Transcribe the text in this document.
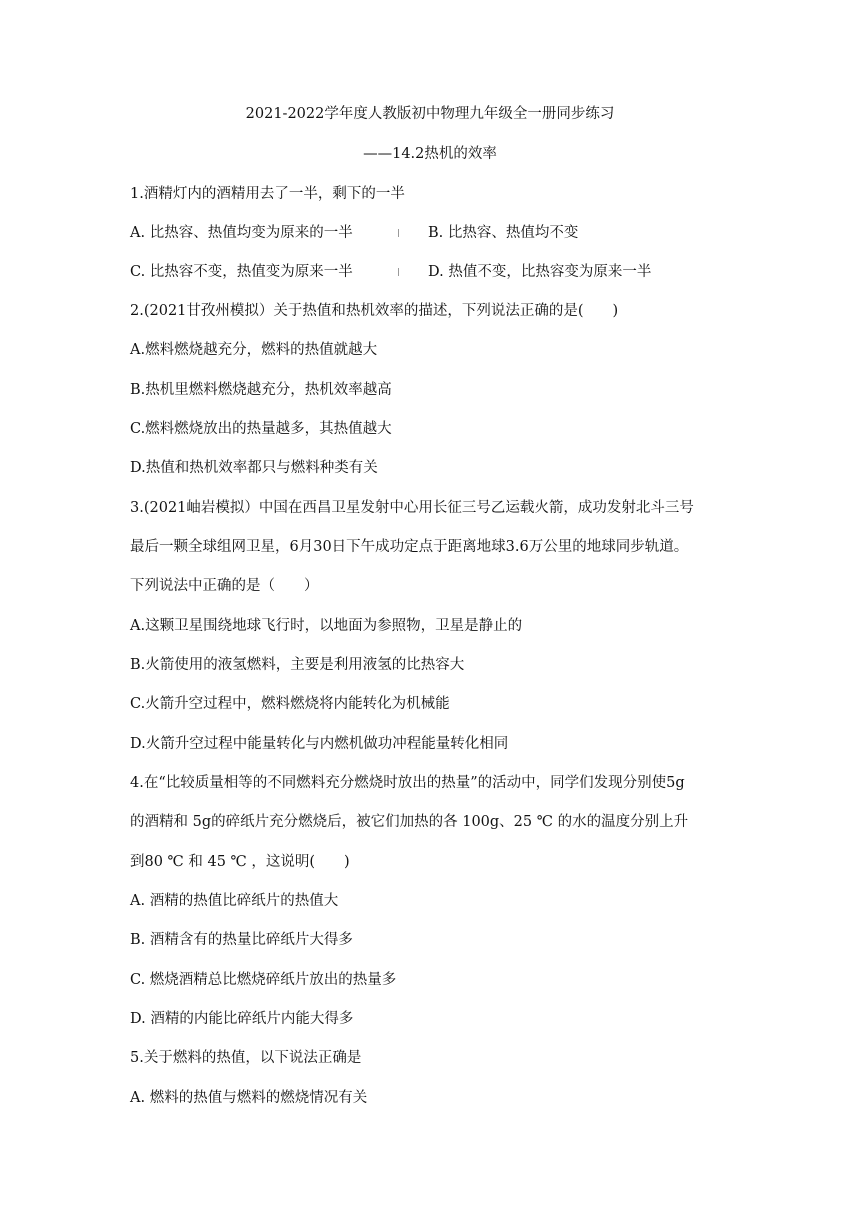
2021-2022学年度人教版初中物理九年级全一册同步练习
——14.2热机的效率
1.酒精灯内的酒精用去了一半，剩下的一半
A. 比热容、热值均变为原来的一半	B. 比热容、热值均不变
C. 比热容不变，热值变为原来一半	D. 热值不变，比热容变为原来一半
2.(2021甘孜州模拟）关于热值和热机效率的描述，下列说法正确的是(　　)
A.燃料燃烧越充分，燃料的热值就越大
B.热机里燃料燃烧越充分，热机效率越高
C.燃料燃烧放出的热量越多，其热值越大
D.热值和热机效率都只与燃料种类有关
3.(2021岫岩模拟）中国在西昌卫星发射中心用长征三号乙运载火箭，成功发射北斗三号
最后一颗全球组网卫星，6月30日下午成功定点于距离地球3.6万公里的地球同步轨道。
下列说法中正确的是（　　）
A.这颗卫星围绕地球飞行时，以地面为参照物，卫星是静止的
B.火箭使用的液氢燃料，主要是利用液氢的比热容大
C.火箭升空过程中，燃料燃烧将内能转化为机械能
D.火箭升空过程中能量转化与内燃机做功冲程能量转化相同
4.在“比较质量相等的不同燃料充分燃烧时放出的热量”的活动中，同学们发现分别使5g
的酒精和 5g的碎纸片充分燃烧后，被它们加热的各 100g、25 ℃ 的水的温度分别上升
到80 ℃ 和 45 ℃ ，这说明(　　)
A. 酒精的热值比碎纸片的热值大
B. 酒精含有的热量比碎纸片大得多
C. 燃烧酒精总比燃烧碎纸片放出的热量多
D. 酒精的内能比碎纸片内能大得多
5.关于燃料的热值，以下说法正确是
A. 燃料的热值与燃料的燃烧情况有关
